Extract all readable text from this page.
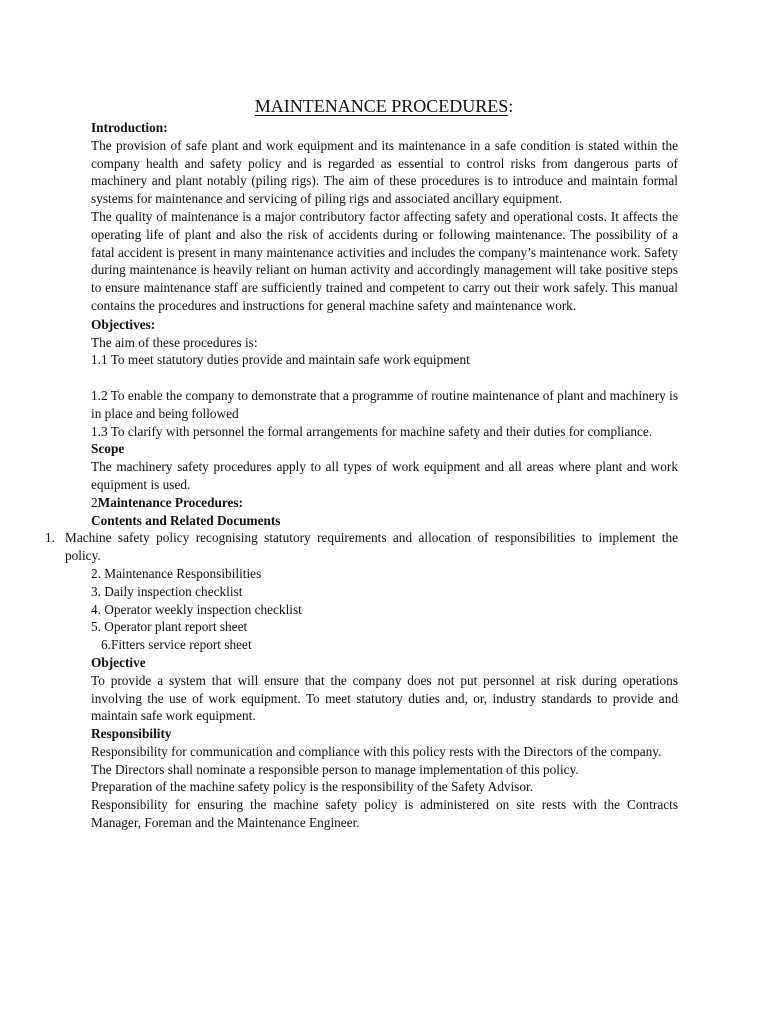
MAINTENANCE PROCEDURES:

Introduction:

The provision of safe plant and work equipment and its maintenance in a safe condition is stated within the company health and safety policy and is regarded as essential to control risks from dangerous parts of machinery and plant notably (piling rigs). The aim of these procedures is to introduce and maintain formal systems for maintenance and servicing of piling rigs and associated ancillary equipment.

The quality of maintenance is a major contributory factor affecting safety and operational costs. It affects the operating life of plant and also the risk of accidents during or following maintenance. The possibility of a fatal accident is present in many maintenance activities and includes the company’s maintenance work. Safety during maintenance is heavily reliant on human activity and accordingly management will take positive steps to ensure maintenance staff are sufficiently trained and competent to carry out their work safely. This manual contains the procedures and instructions for general machine safety and maintenance work.

Objectives:

The aim of these procedures is:

1.1 To meet statutory duties provide and maintain safe work equipment

1.2 To enable the company to demonstrate that a programme of routine maintenance of plant and machinery is in place and being followed

1.3 To clarify with personnel the formal arrangements for machine safety and their duties for compliance.

Scope

The machinery safety procedures apply to all types of work equipment and all areas where plant and work equipment is used.

2Maintenance Procedures:

Contents and Related Documents

1. Machine safety policy recognising statutory requirements and allocation of responsibilities to implement the policy.

2. Maintenance Responsibilities

3. Daily inspection checklist

4. Operator weekly inspection checklist

5. Operator plant report sheet

6.Fitters service report sheet

Objective

To provide a system that will ensure that the company does not put personnel at risk during operations involving the use of work equipment. To meet statutory duties and, or, industry standards to provide and maintain safe work equipment.

Responsibility

Responsibility for communication and compliance with this policy rests with the Directors of the company.

The Directors shall nominate a responsible person to manage implementation of this policy.

Preparation of the machine safety policy is the responsibility of the Safety Advisor.

Responsibility for ensuring the machine safety policy is administered on site rests with the Contracts Manager, Foreman and the Maintenance Engineer.
